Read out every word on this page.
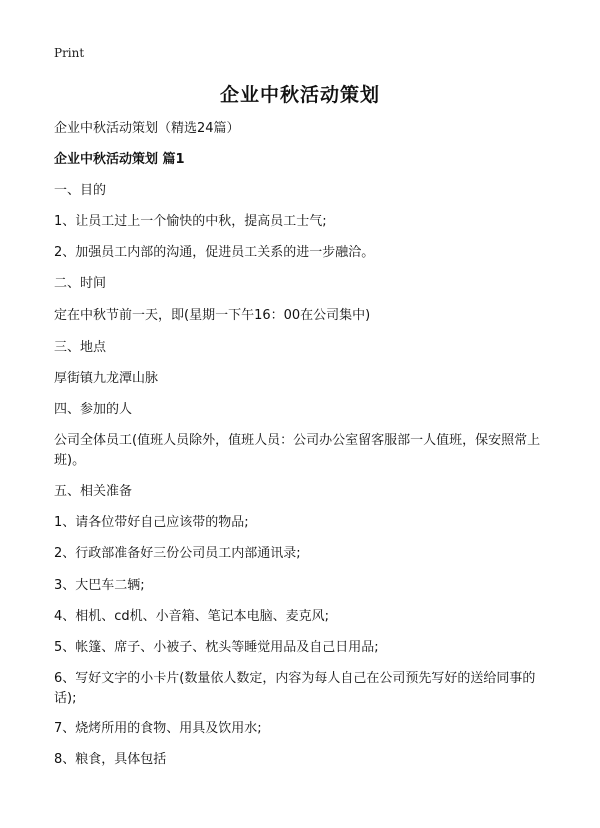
Print
企业中秋活动策划

企业中秋活动策划（精选24篇）

企业中秋活动策划 篇1

一、目的

1、让员工过上一个愉快的中秋，提高员工士气;

2、加强员工内部的沟通，促进员工关系的进一步融洽。

二、时间

定在中秋节前一天，即(星期一下午16：00在公司集中)

三、地点

厚街镇九龙潭山脉

四、参加的人

公司全体员工(值班人员除外，值班人员：公司办公室留客服部一人值班，保安照常上班)。

五、相关准备

1、请各位带好自己应该带的物品;

2、行政部准备好三份公司员工内部通讯录;

3、大巴车二辆;

4、相机、cd机、小音箱、笔记本电脑、麦克风;

5、帐篷、席子、小被子、枕头等睡觉用品及自己日用品;

6、写好文字的小卡片(数量依人数定，内容为每人自己在公司预先写好的送给同事的话);

7、烧烤所用的食物、用具及饮用水;

8、粮食，具体包括
